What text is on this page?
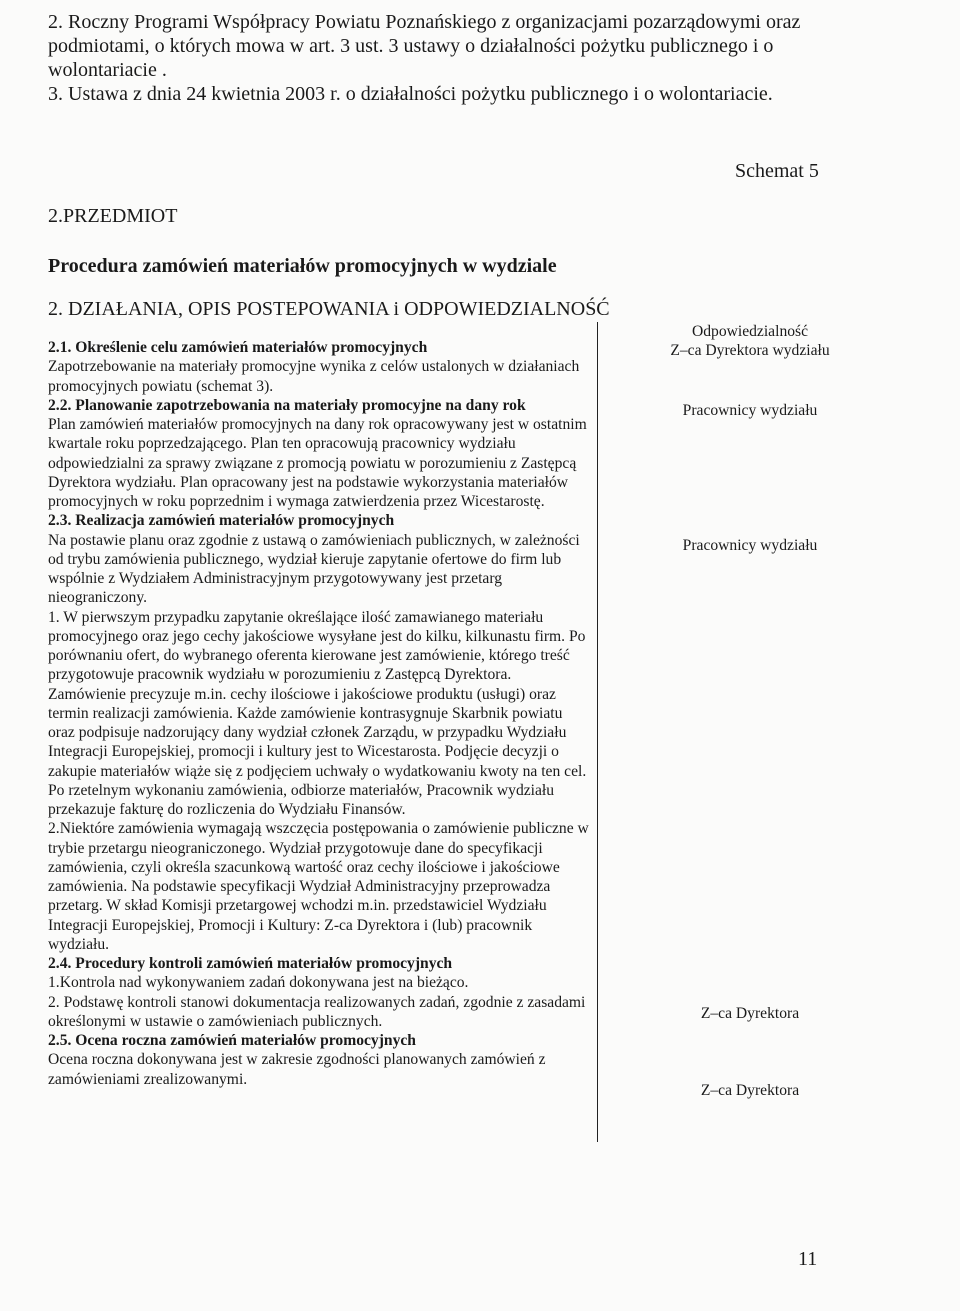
2. Roczny Programi Współpracy Powiatu Poznańskiego z organizacjami pozarządowymi oraz podmiotami, o których mowa w art. 3 ust. 3 ustawy o działalności pożytku publicznego i o wolontariacie .

3. Ustawa z dnia 24 kwietnia 2003 r. o działalności pożytku publicznego i o wolontariacie.

Schemat 5
2.PRZEDMIOT
Procedura zamówień materiałów promocyjnych w wydziale
2. DZIAŁANIA, OPIS POSTEPOWANIA i ODPOWIEDZIALNOŚĆ

2.1. Określenie celu zamówień materiałów promocyjnych

Zapotrzebowanie na materiały promocyjne wynika z celów ustalonych w działaniach promocyjnych powiatu (schemat 3).

2.2. Planowanie zapotrzebowania na materiały promocyjne na dany rok

Plan zamówień materiałów promocyjnych na dany rok opracowywany jest w ostatnim kwartale roku poprzedzającego. Plan ten opracowują pracownicy wydziału odpowiedzialni za sprawy związane z promocją powiatu w porozumieniu z Zastępcą Dyrektora wydziału. Plan opracowany jest na podstawie wykorzystania materiałów promocyjnych w roku poprzednim i wymaga zatwierdzenia przez Wicestarostę.

2.3. Realizacja zamówień materiałów promocyjnych

Na postawie planu oraz zgodnie z ustawą o zamówieniach publicznych, w zależności od trybu zamówienia publicznego, wydział kieruje zapytanie ofertowe do firm lub wspólnie z Wydziałem Administracyjnym przygotowywany jest przetarg nieograniczony.

1. W pierwszym przypadku zapytanie określające ilość zamawianego materiału promocyjnego oraz jego cechy jakościowe wysyłane jest do kilku, kilkunastu firm. Po porównaniu ofert, do wybranego oferenta kierowane jest zamówienie, którego treść przygotowuje pracownik wydziału w porozumieniu z Zastępcą Dyrektora. Zamówienie precyzuje m.in. cechy ilościowe i jakościowe produktu (usługi) oraz termin realizacji zamówienia. Każde zamówienie kontrasygnuje Skarbnik powiatu oraz podpisuje nadzorujący dany wydział członek Zarządu, w przypadku Wydziału Integracji Europejskiej, promocji i kultury jest to Wicestarosta. Podjęcie decyzji o zakupie materiałów wiąże się z podjęciem uchwały o wydatkowaniu kwoty na ten cel. Po rzetelnym wykonaniu zamówienia, odbiorze materiałów, Pracownik wydziału przekazuje fakturę do rozliczenia do Wydziału Finansów.

2.Niektóre zamówienia wymagają wszczęcia postępowania o zamówienie publiczne w trybie przetargu nieograniczonego. Wydział przygotowuje dane do specyfikacji zamówienia, czyli określa szacunkową wartość oraz cechy ilościowe i jakościowe zamówienia. Na podstawie specyfikacji Wydział Administracyjny przeprowadza przetarg. W skład Komisji przetargowej wchodzi m.in. przedstawiciel Wydziału Integracji Europejskiej, Promocji i Kultury: Z-ca Dyrektora i (lub) pracownik wydziału.

2.4. Procedury kontroli zamówień materiałów promocyjnych

1.Kontrola nad wykonywaniem zadań dokonywana jest na bieżąco.

2. Podstawę kontroli stanowi dokumentacja realizowanych zadań, zgodnie z zasadami określonymi w ustawie o zamówieniach publicznych.

2.5. Ocena roczna zamówień materiałów promocyjnych

Ocena roczna dokonywana jest w zakresie zgodności planowanych zamówień z zamówieniami zrealizowanymi.

Odpowiedzialność
Z–ca Dyrektora wydziału
Pracownicy wydziału
Pracownicy wydziału
Z–ca Dyrektora
Z–ca Dyrektora
11
